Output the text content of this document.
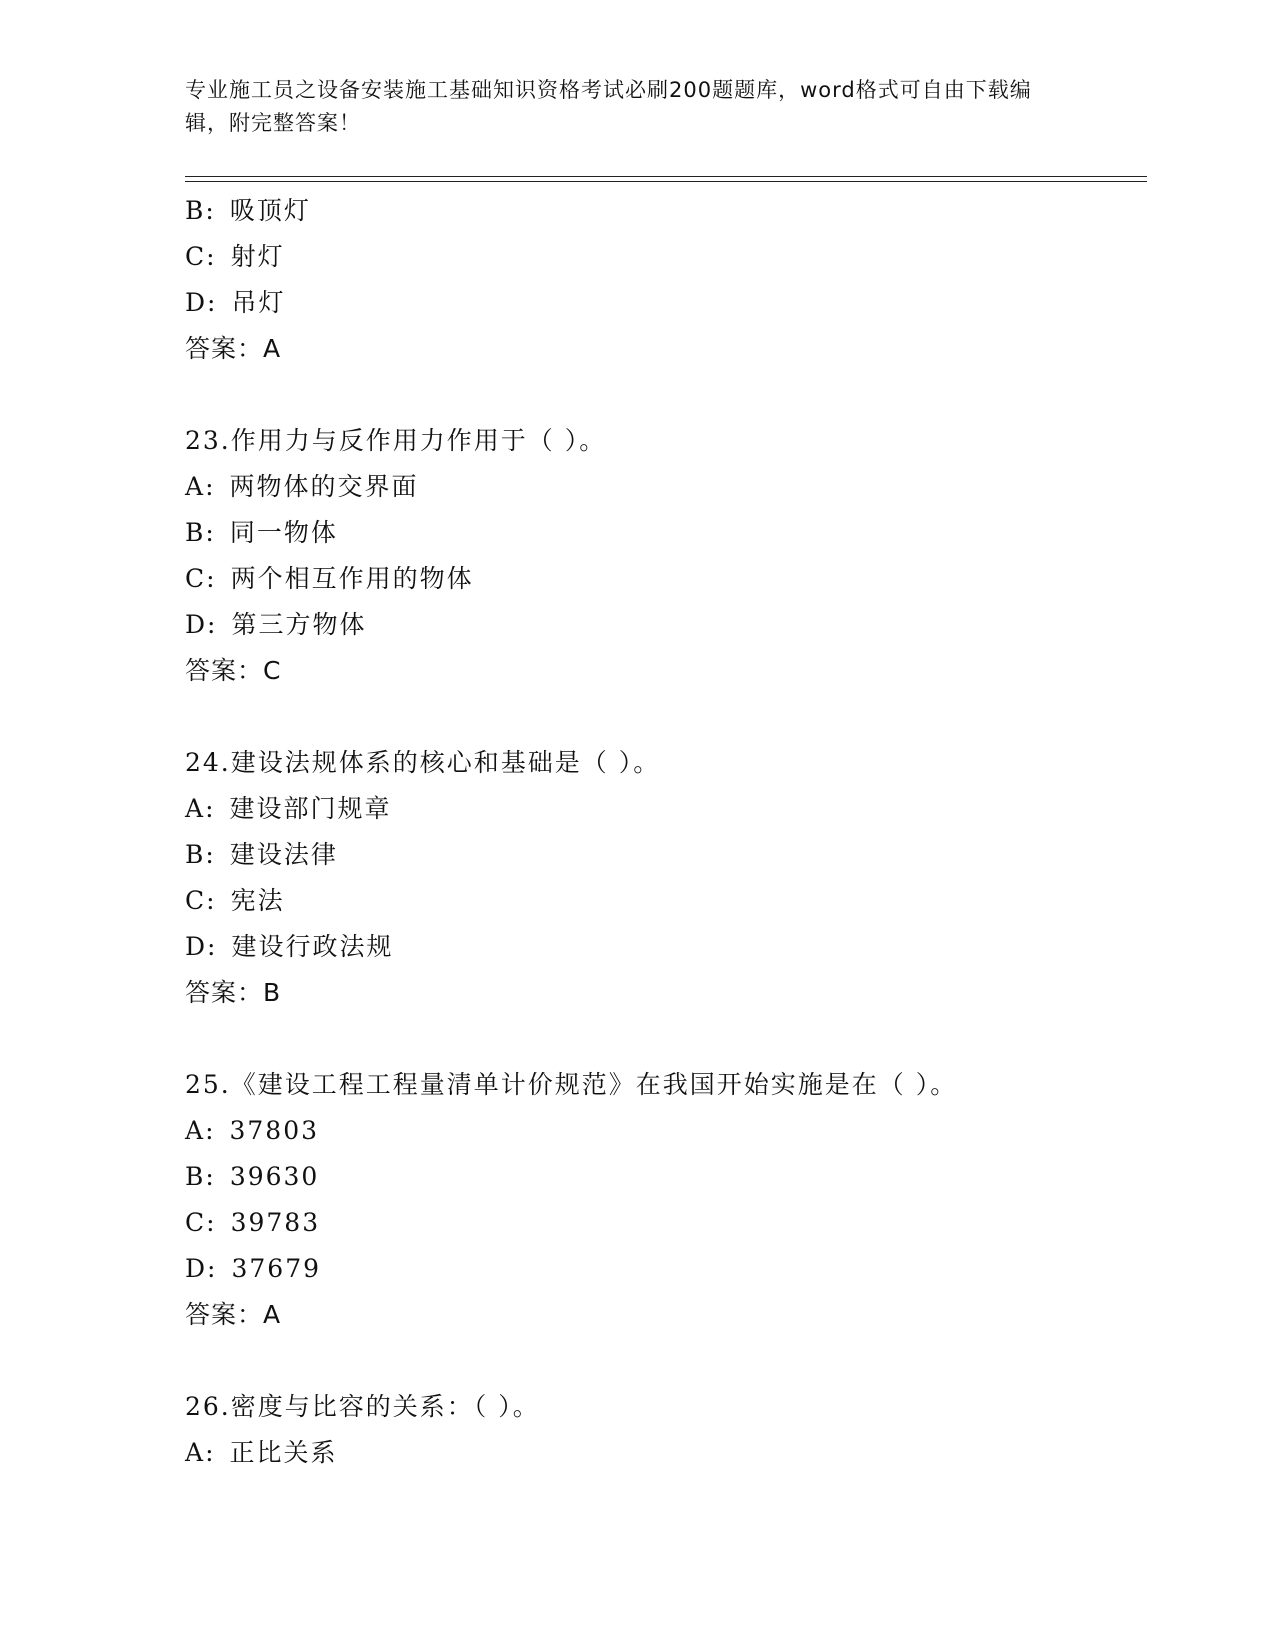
专业施工员之设备安装施工基础知识资格考试必刷200题题库，word格式可自由下载编辑，附完整答案！
B: 吸顶灯
C: 射灯
D: 吊灯
答案：A
23.作用力与反作用力作用于（ ）。
A: 两物体的交界面
B: 同一物体
C: 两个相互作用的物体
D: 第三方物体
答案：C
24.建设法规体系的核心和基础是（ ）。
A: 建设部门规章
B: 建设法律
C: 宪法
D: 建设行政法规
答案：B
25.《建设工程工程量清单计价规范》在我国开始实施是在（ ）。
A: 37803
B: 39630
C: 39783
D: 37679
答案：A
26.密度与比容的关系：（ ）。
A: 正比关系
